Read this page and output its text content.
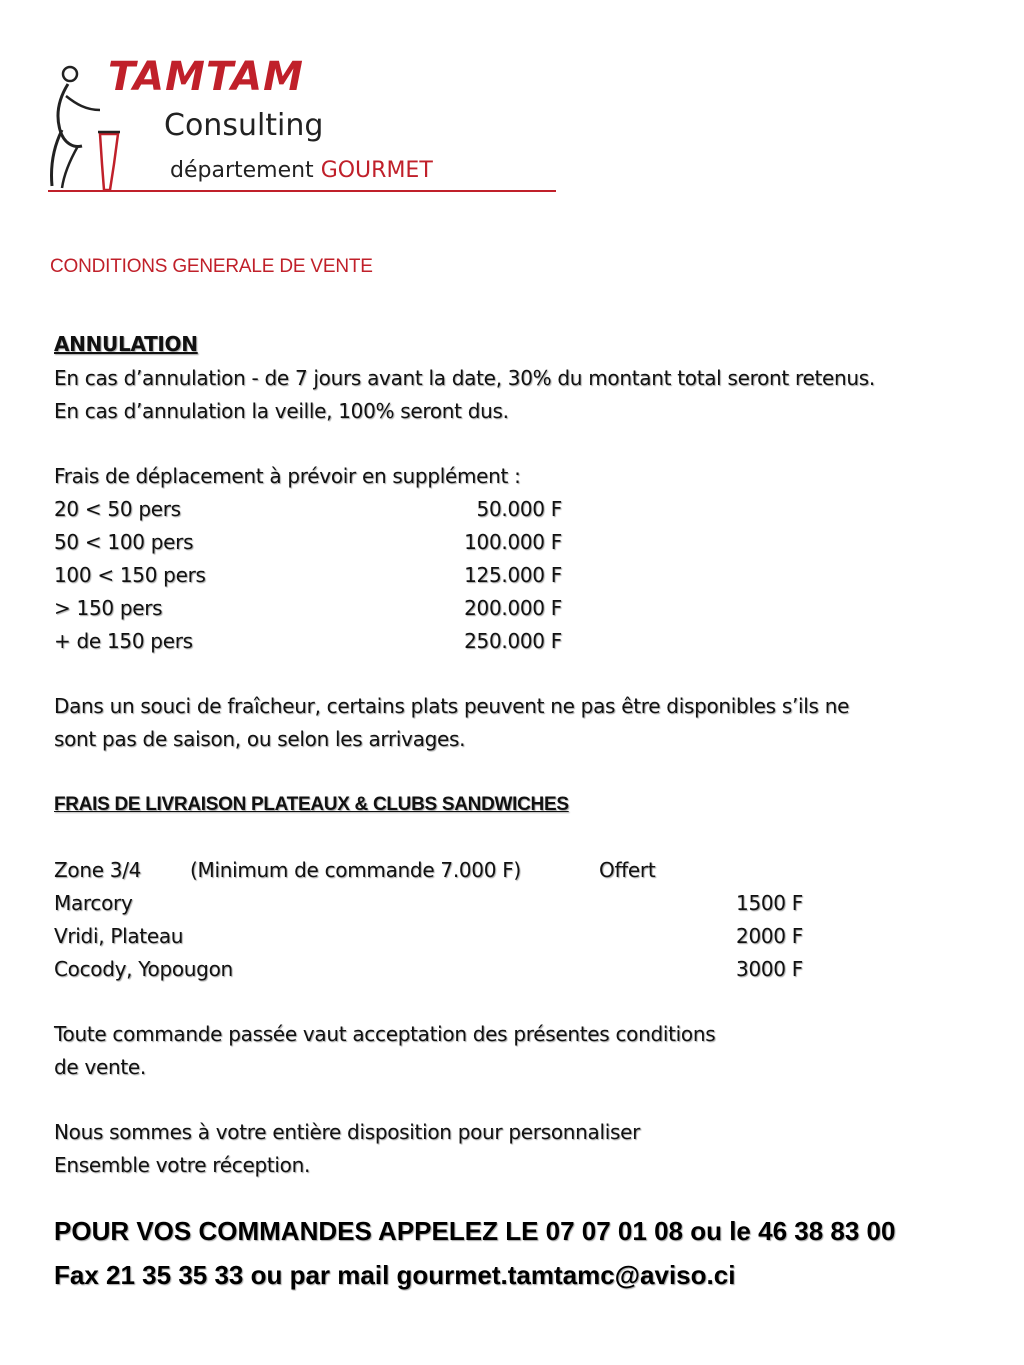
TAMTAM
Consulting
département GOURMET
CONDITIONS GENERALE DE VENTE
ANNULATION
En cas d’annulation - de 7 jours avant la date, 30% du montant total seront retenus.
En cas d’annulation la veille, 100% seront dus.
Frais de déplacement à prévoir en supplément :
20 < 50 pers	50.000 F
50 < 100 pers	100.000 F
100 < 150 pers	125.000 F
> 150 pers	200.000 F
+ de 150 pers	250.000 F
Dans un souci de fraîcheur, certains plats peuvent ne pas être disponibles s’ils ne
sont pas de saison, ou selon les arrivages.
FRAIS DE LIVRAISON PLATEAUX & CLUBS SANDWICHES
Zone 3/4 (Minimum de commande 7.000 F)	Offert
Marcory	1500 F
Vridi, Plateau	2000 F
Cocody, Yopougon	3000 F
Toute commande passée vaut acceptation des présentes conditions
de vente.
Nous sommes à votre entière disposition pour personnaliser
Ensemble votre réception.
POUR VOS COMMANDES APPELEZ LE 07 07 01 08 ou le 46 38 83 00
Fax 21 35 35 33 ou par mail gourmet.tamtamc@aviso.ci
